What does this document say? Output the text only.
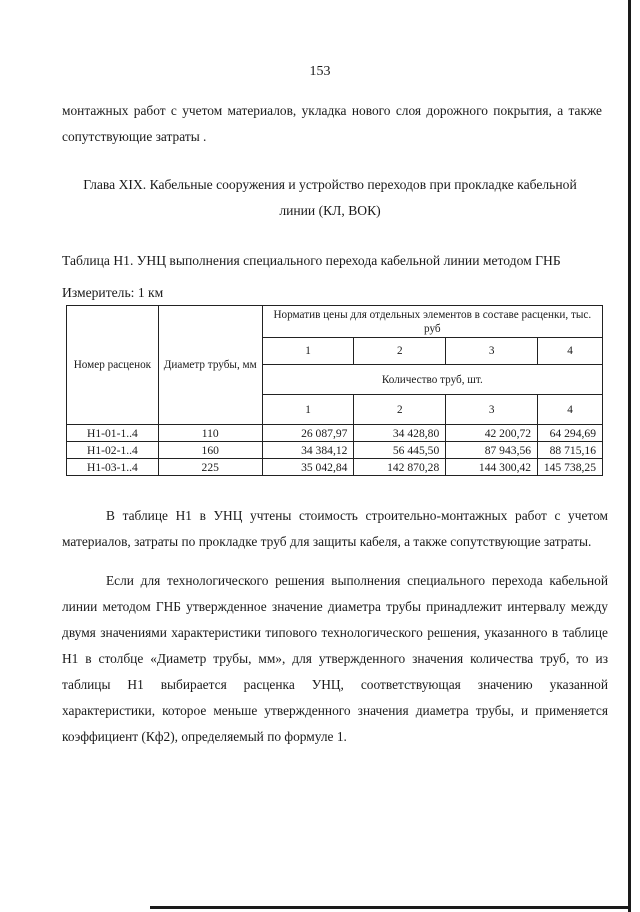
153

монтажных работ с учетом материалов, укладка нового слоя дорожного покрытия, а также сопутствующие затраты .

Глава XIX. Кабельные сооружения и устройство переходов при прокладке кабельной
линии (КЛ, ВОК)
Таблица Н1. УНЦ выполнения специального перехода кабельной линии методом ГНБ
Измеритель: 1 км
Номер расценок	Диаметр трубы, мм	Норматив цены для отдельных элементов в составе расценки, тыс. руб			
		1	2	3	4
		Количество труб, шт.			
		1	2	3	4
Н1-01-1..4	110	26 087,97	34 428,80	42 200,72	64 294,69
Н1-02-1..4	160	34 384,12	56 445,50	87 943,56	88 715,16
Н1-03-1..4	225	35 042,84	142 870,28	144 300,42	145 738,25

В таблице Н1 в УНЦ учтены стоимость строительно-монтажных работ с учетом материалов, затраты по прокладке труб для защиты кабеля, а также сопутствующие затраты.

Если для технологического решения выполнения специального перехода кабельной линии методом ГНБ утвержденное значение диаметра трубы принадлежит интервалу между двумя значениями характеристики типового технологического решения, указанного в таблице Н1 в столбце «Диаметр трубы, мм», для утвержденного значения количества труб, то из таблицы Н1 выбирается расценка УНЦ, соответствующая значению указанной характеристики, которое меньше утвержденного значения диаметра трубы, и применяется коэффициент (Кф2), определяемый по формуле 1.
